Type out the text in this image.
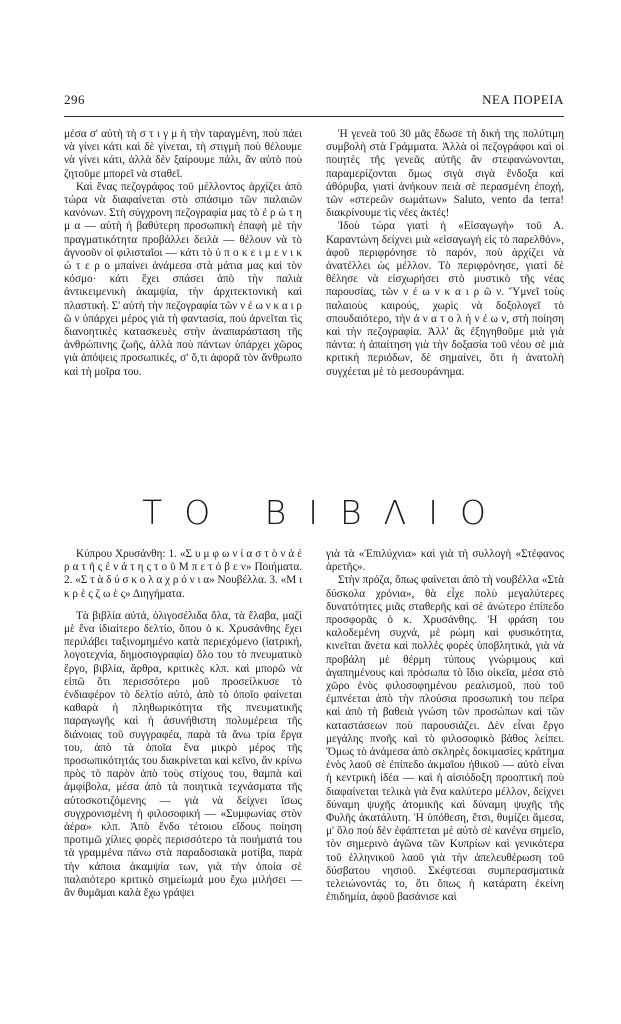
296	ΝΕΑ ΠΟΡΕΙΑ

μέσα σ' αὐτὴ τὴ σ τ ι γ μ ὴ τὴν ταραγμένη, ποὺ πάει νὰ γίνει κάτι καὶ δὲ γίνεται, τὴ στιγμὴ ποὺ θέλουμε νὰ γίνει κάτι, ἀλλὰ δὲν ξαίρουμε πάλι, ἂν αὐτὸ ποὺ ζητοῦμε μπορεῖ νὰ σταθεῖ.

Καὶ ἕνας πεζογράφος τοῦ μέλλοντος ἀρχίζει ἀπὸ τώρα νὰ διαφαίνεται στὸ σπάσιμο τῶν παλαιῶν κανόνων. Στὴ σύγχρονη πεζογραφία μας τὸ ἐ ρ ὠ τ η μ α — αὐτὴ ἡ βαθύτερη προσωπικὴ ἐπαφὴ μὲ τὴν πραγματικότητα προβάλλει δειλὰ — θέλουν νὰ τὸ ἀγνοοῦν οἱ φιλισταῖοι — κάτι τὸ ὑ π ο κ ε ι μ ε ν ι κ ώ τ ε ρ ο μπαίνει ἀνάμεσα στὰ μάτια μας καὶ τὸν κόσμο· κάτι ἔχει σπάσει ἀπὸ τὴν παλιὰ ἀντικειμενικὴ ἀκαμψία, τὴν ἀρχιτεκτονικὴ καὶ πλαστική. Σ' αὐτὴ τὴν πεζογραφία τῶν ν έ ω ν κ α ι ρ ῶ ν ὑπάρχει μέρος γιὰ τὴ φαντασία, ποὺ ἀρνεῖται τὶς διανοητικὲς κατασκευὲς στὴν ἀναπαράσταση τῆς ἀνθρώπινης ζωῆς, ἀλλὰ ποὺ πάντων ὑπάρχει χῶρος γιὰ ἀπόψεις προσωπικές, σ' ὅ,τι ἀφορᾶ τὸν ἄνθρωπο καὶ τὴ μοῖρα του.

Ἡ γενεὰ τοῦ 30 μᾶς ἔδωσε τὴ δική της πολύτιμη συμβολὴ στὰ Γράμματα. Ἀλλὰ οἱ πεζογράφοι καὶ οἱ ποιητὲς τῆς γενεᾶς αὐτῆς ἂν στεφανώνονται, παραμερίζονται ὅμως σιγὰ σιγὰ ἔνδοξα καὶ ἀθόρυβα, γιατὶ ἀνήκουν πειὰ σὲ περασμένη ἐποχή, τῶν «στερεῶν σωμάτων» Saluto, vento da terra! διακρίνουμε τὶς νέες ἀκτές!

Ἰδοὺ τώρα γιατὶ ἡ «Εἰσαγωγὴ» τοῦ Α. Καραντώνη δείχνει μιὰ «εἰσαγωγὴ εἰς τὸ παρελθόν», ἀφοῦ περιφρόνησε τὸ παρόν, ποὺ ἀρχίζει νὰ ἀνατέλλει ὡς μέλλον. Τὸ περιφρόνησε, γιατὶ δὲ θέλησε νὰ εἰσχωρήσει στὸ μυστικὸ τῆς νέας παρουσίας, τῶν ν έ ω ν κ α ι ρ ῶ ν. Ὕμνεῖ τοὺς παλαιοὺς καιρούς, χωρὶς νὰ δοξολογεῖ τὸ σπουδαιότερο, τὴν ἀ ν α τ ο λ ὴ ν έ ω ν, στὴ ποίηση καὶ τὴν πεζογραφία. Ἀλλ' ἂς ἐξηγηθοῦμε μιὰ γιὰ πάντα: ἡ ἀπαίτηση γιὰ τὴν δοξασία τοῦ νέου σὲ μιὰ κριτικὴ περιόδων, δὲ σημαίνει, ὅτι ἡ ἀνατολὴ συγχέεται μὲ τὸ μεσουράνημα.

ΤΟ ΒΙΒΛΙΟ

Κύπρου Χρυσάνθη: 1. «Σ υ μ φ ω ν ί α σ τ ὸ ν ἀ έ ρ α τ ῆ ς ἐ ν ά τ η ς τ ο ῦ Μ π ε τ ό β ε ν» Ποιήματα. 2. «Σ τ ὰ δ ύ σ κ ο λ α χ ρ ό ν ι α» Νουβέλλα. 3. «Μ ι κ ρ ὲ ς ζ ω ὲ ς» Διηγήματα.

Τὰ βιβλία αὐτά, ὀλιγοσέλιδα ὅλα, τὰ ἔλαβα, μαζὶ μὲ ἕνα ἰδιαίτερο δελτίο, ὅπου ὁ κ. Χρυσάνθης ἔχει περιλάβει ταξινομημένο κατὰ περιεχόμενο (ἰατρική, λογοτεχνία, δημοσιογραφία) ὅλο του τὸ πνευματικὸ ἔργο, βιβλία, ἄρθρα, κριτικὲς κλπ. καὶ μπορῶ νὰ εἰπῶ ὅτι περισσότερο μοῦ προσείλκυσε τὸ ἐνδιαφέρον τὸ δελτίο αὐτό, ἀπὸ τὸ ὁποῖο φαίνεται καθαρὰ ἡ πληθωρικότητα τῆς πνευματικῆς παραγωγῆς καὶ ἡ ἀσυνήθιστη πολυμέρεια τῆς διάνοιας τοῦ συγγραφέα, παρὰ τὰ ἄνω τρία ἔργα του, ἀπὸ τὰ ὁποῖα ἕνα μικρὸ μέρος τῆς προσωπικότητάς του διακρίνεται καὶ κεῖνο, ἂν κρίνω πρὸς τὸ παρὸν ἀπὸ τοὺς στίχους του, θαμπὰ καὶ ἀμφίβολα, μέσα ἀπὸ τὰ ποιητικὰ τεχνάσματα τῆς αὐτοσκοτιζόμενης — γιὰ νὰ δείχνει ἴσως συγχρονισμένη ἡ φιλοσοφική — «Συμφωνίας στὸν ἀέρα» κλπ. Ἀπὸ ἕνδο τέτοιου εἴδους ποίηση προτιμῶ χίλιες φορὲς περισσότερο τὰ ποιήματά του τὰ γραμμένα πάνω στὰ παραδοσιακὰ μοτίβα, παρὰ τὴν κάποια ἀκαμψία των, γιὰ τὴν ὁποία σὲ παλαιότερο κριτικὸ σημείωμά μου ἔχω μιλήσει — ἂν θυμᾶμαι καλὰ ἔχω γράψει

γιὰ τὰ «Ἐπιλύχνια» καὶ γιὰ τὴ συλλογὴ «Στέφανος ἀρετῆς».

Στὴν πρόζα, ὅπως φαίνεται ἀπὸ τὴ νουβέλλα «Στὰ δύσκολα χρόνια», θὰ εἶχε πολὺ μεγαλύτερες δυνατότητες μιᾶς σταθερῆς καὶ σὲ ἀνώτερο ἐπίπεδο προσφορᾶς ὁ κ. Χρυσάνθης. Ἡ φράση του καλοδεμένη συχνά, μὲ ρώμη καὶ φυσικότητα, κινεῖται ἄνετα καὶ πολλὲς φορὲς ὑποβλητικά, γιὰ νὰ προβάλη μὲ θέρμη τύπους γνώριμους καὶ ἀγαπημένους καὶ πρόσωπα τὸ ἴδιο οἰκεῖα, μέσα στὸ χῶρο ἑνὸς φιλοσοφημένου ρεαλισμοῦ, ποὺ τοῦ ἐμπνέεται ἀπὸ τὴν πλούσια προσωπικὴ του πεῖρα καὶ ἀπὸ τὴ βαθειὰ γνώση τῶν προσώπων καὶ τῶν καταστάσεων ποὺ παρουσιάζει. Δὲν εἶναι ἔργο μεγάλης πνοῆς καὶ τὸ φιλοσοφικὸ βάθος λείπει. Ὅμως τὸ ἀνάμεσα ἀπὸ σκληρὲς δοκιμασίες κράτημα ἑνὸς λαοῦ σὲ ἐπίπεδο ἀκμαῖου ἠθικοῦ — αὐτὸ εἶναι ἡ κεντρικὴ ἰδέα — καὶ ἡ αἰσιόδοξη προοπτικὴ ποὺ διαφαίνεται τελικὰ γιὰ ἕνα καλύτερο μέλλον, δείχνει δύναμη ψυχῆς ἀτομικῆς καὶ δύναμη ψυχῆς τῆς Φυλῆς ἀκατάλυτη. Ἡ ὑπόθεση, ἔτσι, θυμίζει ἄμεσα, μ' ὅλο ποὺ δὲν ἐφάπτεται μὲ αὐτὸ σὲ κανένα σημεῖο, τὸν σημερινὸ ἀγῶνα τῶν Κυπρίων καὶ γενικότερα τοῦ ἑλληνικοῦ λαοῦ γιὰ τὴν ἀπελευθέρωση τοῦ δύσβατου νησιοῦ. Σκέφτεσαι συμπερασματικὰ τελειώνοντάς το, ὅτι ὅπως ἡ κατάρατη ἐκείνη ἐπιδημία, ἀφοῦ βασάνισε καὶ
